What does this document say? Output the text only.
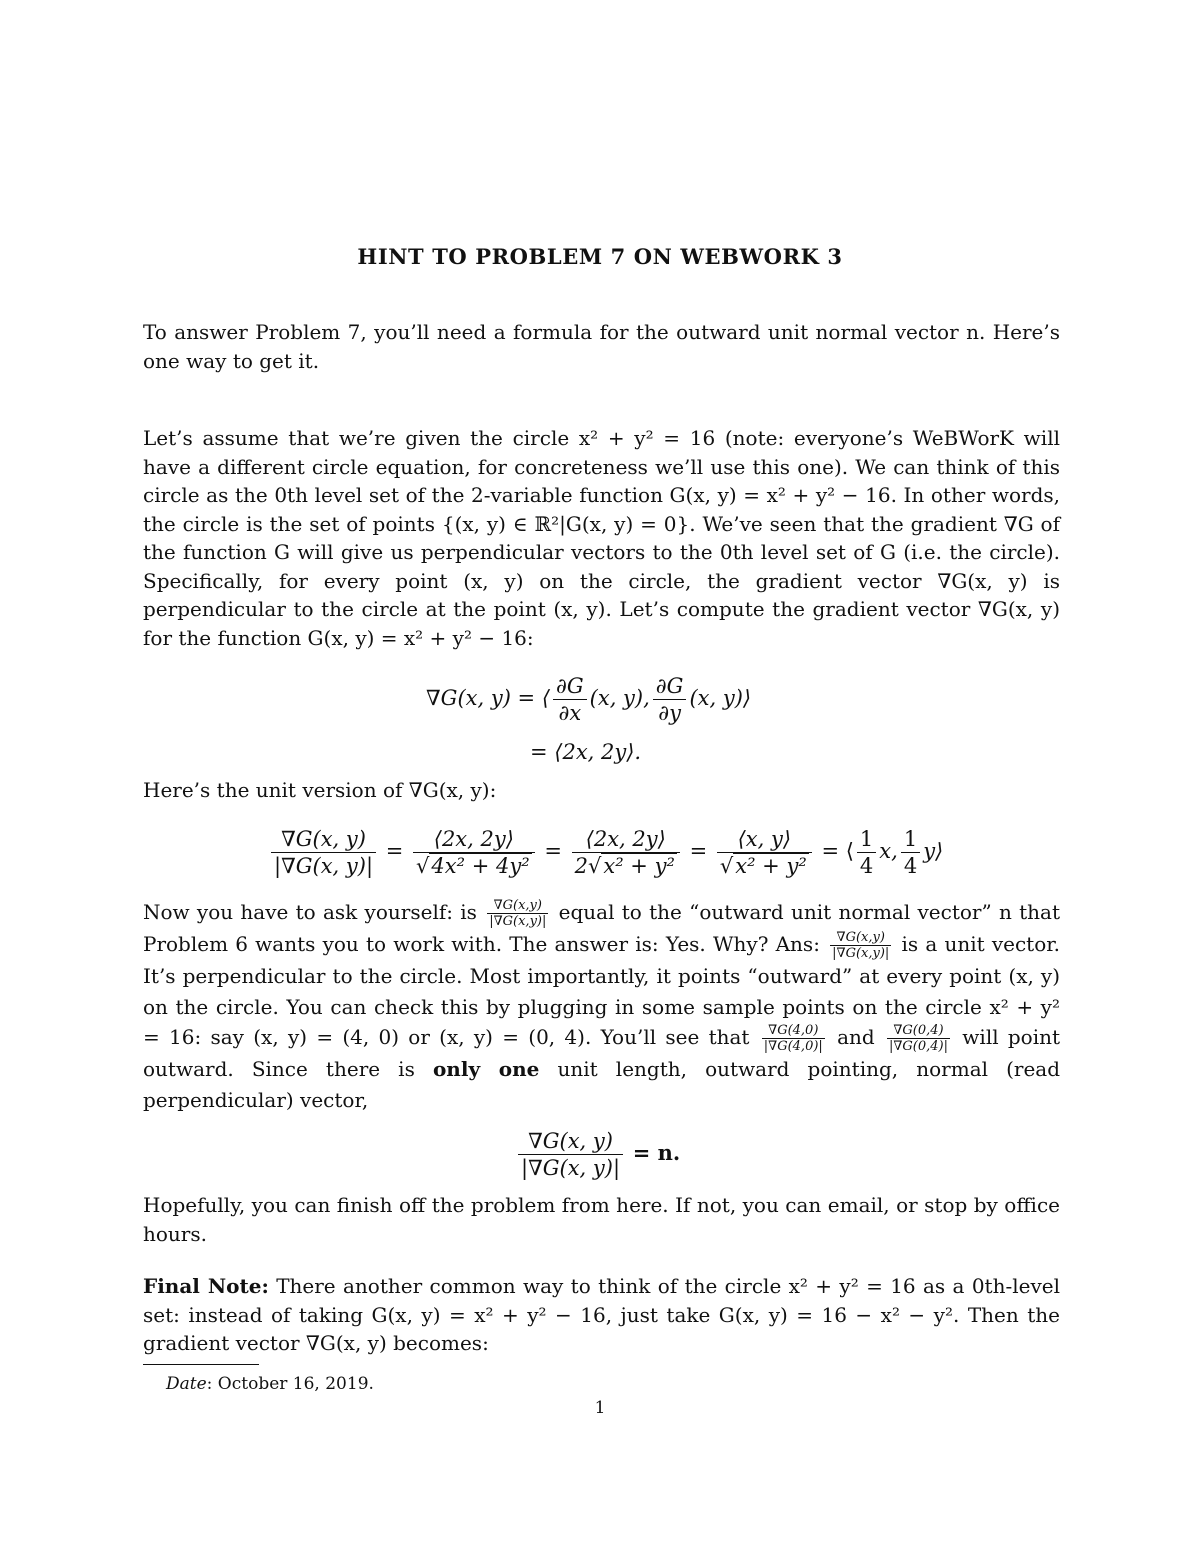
HINT TO PROBLEM 7 ON WEBWORK 3
To answer Problem 7, you’ll need a formula for the outward unit normal vector n. Here’s one way to get it.
Let’s assume that we’re given the circle x² + y² = 16 (note: everyone’s WeBWorK will have a different circle equation, for concreteness we’ll use this one). We can think of this circle as the 0th level set of the 2-variable function G(x, y) = x² + y² − 16. In other words, the circle is the set of points {(x, y) ∈ ℝ²|G(x, y) = 0}. We’ve seen that the gradient ∇G of the function G will give us perpendicular vectors to the 0th level set of G (i.e. the circle). Specifically, for every point (x, y) on the circle, the gradient vector ∇G(x, y) is perpendicular to the circle at the point (x, y). Let’s compute the gradient vector ∇G(x, y) for the function G(x, y) = x² + y² − 16:
∇G(x, y) = ⟨ $\frac{\partial G}{\partial x} (x$, y), $\frac{\partial G}{\partial y} (x$, y)⟩
= ⟨2x, 2y⟩.
Here’s the unit version of ∇G(x, y):
$\frac{\nabla G(x, y)}{|\nabla G(x, y)|} = \frac{⟨2x, 2y⟩}{\text{√4x² + 4y²}} = \frac{⟨2x, 2y⟩}{\text{2√x² + y²}} = \frac{⟨x, y⟩}{\text{√x² + y²}}$ = ⟨ $\frac{1}{4} x$, $\frac{1}{4}$ y⟩
Now you have to ask yourself: is $\frac{\nabla G(x,y)}{|\nabla G(x,y)|}$ equal to the “outward unit normal vector” n that Problem 6 wants you to work with. The answer is: Yes. Why? Ans: $\frac{\nabla G(x,y)}{|\nabla G(x,y)|}$ is a unit vector. It’s perpendicular to the circle. Most importantly, it points “outward” at every point (x, y) on the circle. You can check this by plugging in some sample points on the circle x² + y² = 16: say (x, y) = (4, 0) or (x, y) = (0, 4). You’ll see that $\frac{\nabla G(4,0)}{|\nabla G(4,0)|}$ and $\frac{\nabla G(0,4)}{|\nabla G(0,4)|}$ will point outward. Since there is only one unit length, outward pointing, normal (read perpendicular) vector,
$\frac{\nabla G(x, y)}{|\nabla G(x, y)|} = n$.
Hopefully, you can finish off the problem from here. If not, you can email, or stop by office hours.
Final Note: There another common way to think of the circle x² + y² = 16 as a 0th-level set: instead of taking G(x, y) = x² + y² − 16, just take G(x, y) = 16 − x² − y². Then the gradient vector ∇G(x, y) becomes:
Date: October 16, 2019.
1
